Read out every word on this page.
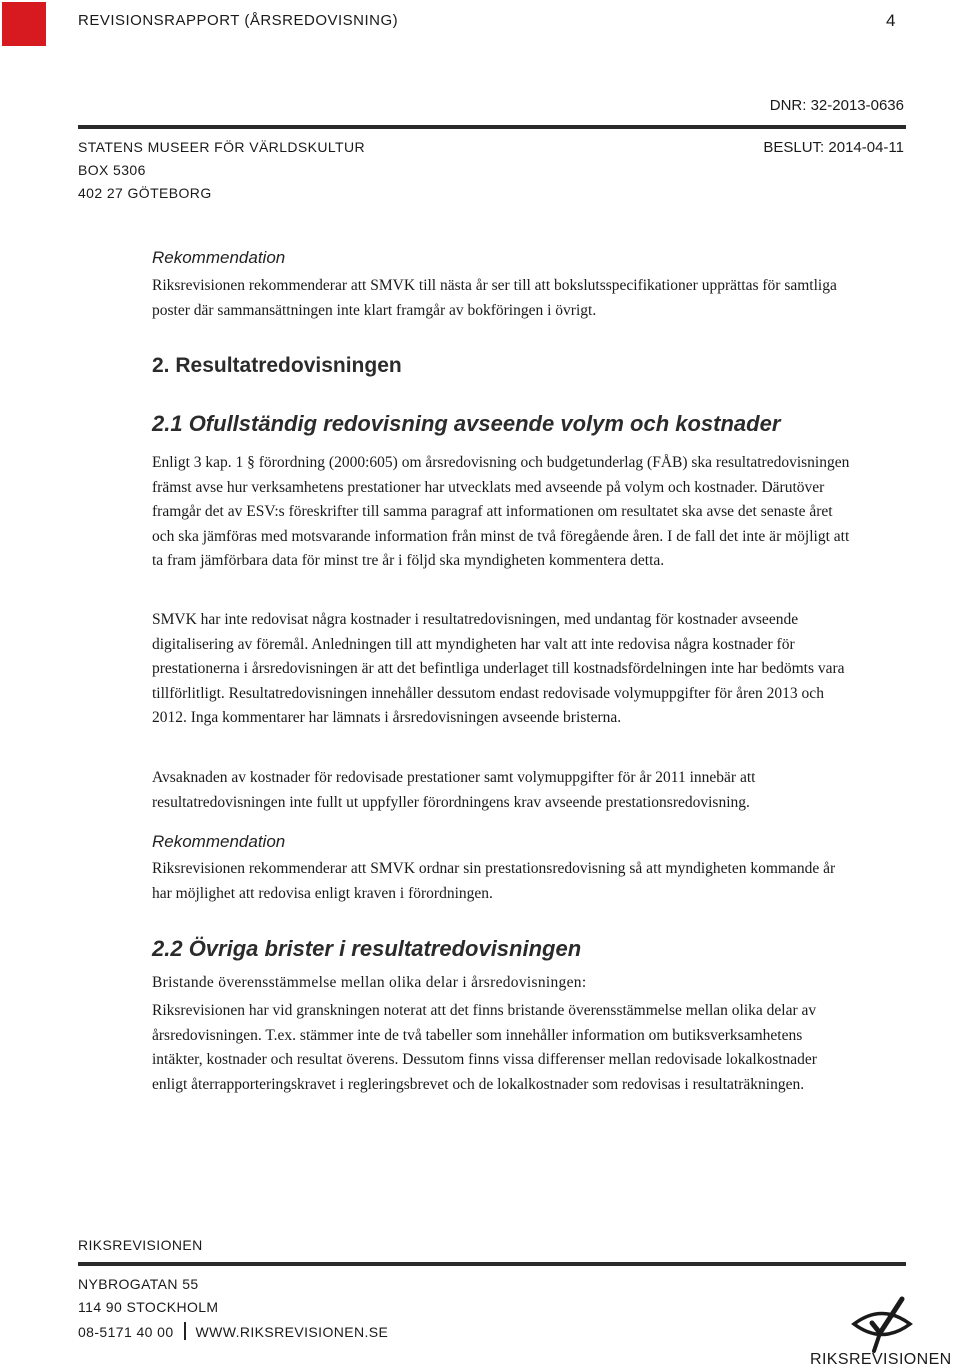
REVISIONSRAPPORT (ÅRSREDOVISNING)	4
DNR: 32-2013-0636
STATENS MUSEER FÖR VÄRLDSKULTUR	BESLUT: 2014-04-11
BOX 5306
402 27 GÖTEBORG
Rekommendation

Riksrevisionen rekommenderar att SMVK till nästa år ser till att bokslutsspecifikationer upprättas för samtliga poster där sammansättningen inte klart framgår av bokföringen i övrigt.

2. Resultatredovisningen
2.1 Ofullständig redovisning avseende volym och kostnader

Enligt 3 kap. 1 § förordning (2000:605) om årsredovisning och budgetunderlag (FÅB) ska resultatredovisningen främst avse hur verksamhetens prestationer har utvecklats med avseende på volym och kostnader. Därutöver framgår det av ESV:s föreskrifter till samma paragraf att informationen om resultatet ska avse det senaste året och ska jämföras med motsvarande information från minst de två föregående åren. I de fall det inte är möjligt att ta fram jämförbara data för minst tre år i följd ska myndigheten kommentera detta.

SMVK har inte redovisat några kostnader i resultatredovisningen, med undantag för kostnader avseende digitalisering av föremål. Anledningen till att myndigheten har valt att inte redovisa några kostnader för prestationerna i årsredovisningen är att det befintliga underlaget till kostnadsfördelningen inte har bedömts vara tillförlitligt. Resultatredovisningen innehåller dessutom endast redovisade volymuppgifter för åren 2013 och 2012. Inga kommentarer har lämnats i årsredovisningen avseende bristerna.

Avsaknaden av kostnader för redovisade prestationer samt volymuppgifter för år 2011 innebär att resultatredovisningen inte fullt ut uppfyller förordningens krav avseende prestationsredovisning.

Rekommendation

Riksrevisionen rekommenderar att SMVK ordnar sin prestationsredovisning så att myndigheten kommande år har möjlighet att redovisa enligt kraven i förordningen.

2.2 Övriga brister i resultatredovisningen
Bristande överensstämmelse mellan olika delar i årsredovisningen:

Riksrevisionen har vid granskningen noterat att det finns bristande överensstämmelse mellan olika delar av årsredovisningen. T.ex. stämmer inte de två tabeller som innehåller information om butiksverksamhetens intäkter, kostnader och resultat överens. Dessutom finns vissa differenser mellan redovisade lokalkostnader enligt återrapporteringskravet i regleringsbrevet och de lokalkostnader som redovisas i resultaträkningen.

RIKSREVISIONEN
NYBROGATAN 55
114 90 STOCKHOLM
08-5171 40 00 WWW.RIKSREVISIONEN.SE
RIKSREVISIONEN
